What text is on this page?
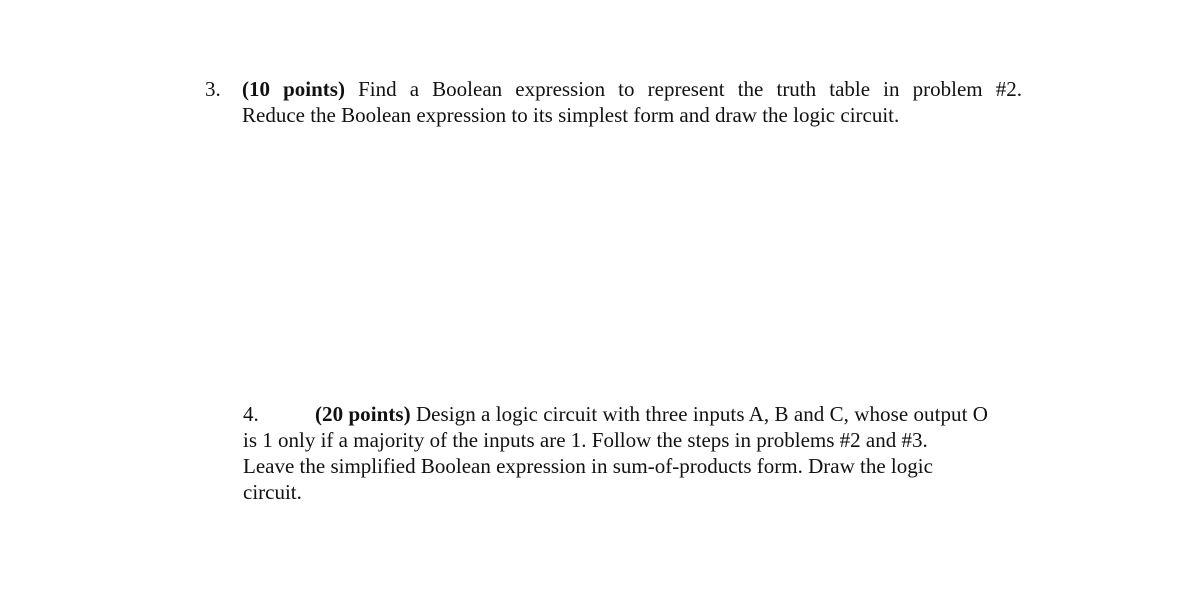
3. (10 points) Find a Boolean expression to represent the truth table in problem #2.
Reduce the Boolean expression to its simplest form and draw the logic circuit.
4.	(20 points) Design a logic circuit with three inputs A, B and C, whose output O
is 1 only if a majority of the inputs are 1. Follow the steps in problems #2 and #3.
Leave the simplified Boolean expression in sum-of-products form. Draw the logic
circuit.
